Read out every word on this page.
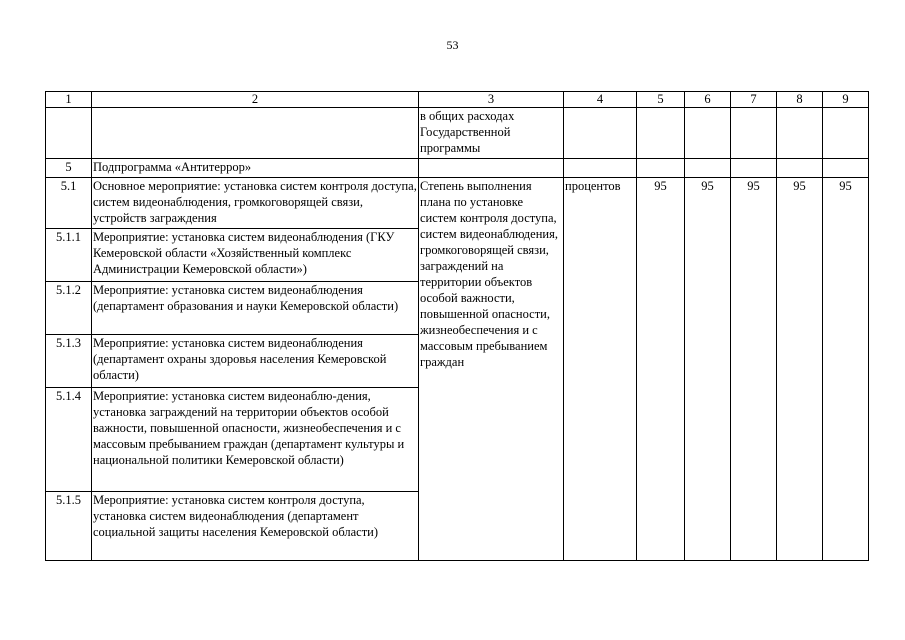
53
1	2	3	4	5	6	7	8	9
		в общих расходах Государственной программы						
5	Подпрограмма «Антитеррор»							
5.1	Основное мероприятие: установка систем контроля доступа, систем видеонаблюдения, громкоговорящей связи, устройств заграждения	Степень выполнения плана по установке систем контроля доступа, систем видеонаблюдения, громкоговорящей связи, заграждений на территории объектов особой важности, повышенной опасности, жизнеобеспечения и с массовым пребыванием граждан	процентов	95	95	95	95	95
5.1.1	Мероприятие: установка систем видеонаблюдения (ГКУ Кемеровской области «Хозяйственный комплекс Администрации Кемеровской области»)							
5.1.2	Мероприятие: установка систем видеонаблюдения (департамент образования и науки Кемеровской области)							
5.1.3	Мероприятие: установка систем видеонаблюдения (департамент охраны здоровья населения Кемеровской области)							
5.1.4	Мероприятие: установка систем видеонаблю-дения, установка заграждений на территории объектов особой важности, повышенной опасности, жизнеобеспечения и с массовым пребыванием граждан (департамент культуры и национальной политики Кемеровской области)							
5.1.5	Мероприятие: установка систем контроля доступа, установка систем видеонаблюдения (департамент социальной защиты населения Кемеровской области)							
